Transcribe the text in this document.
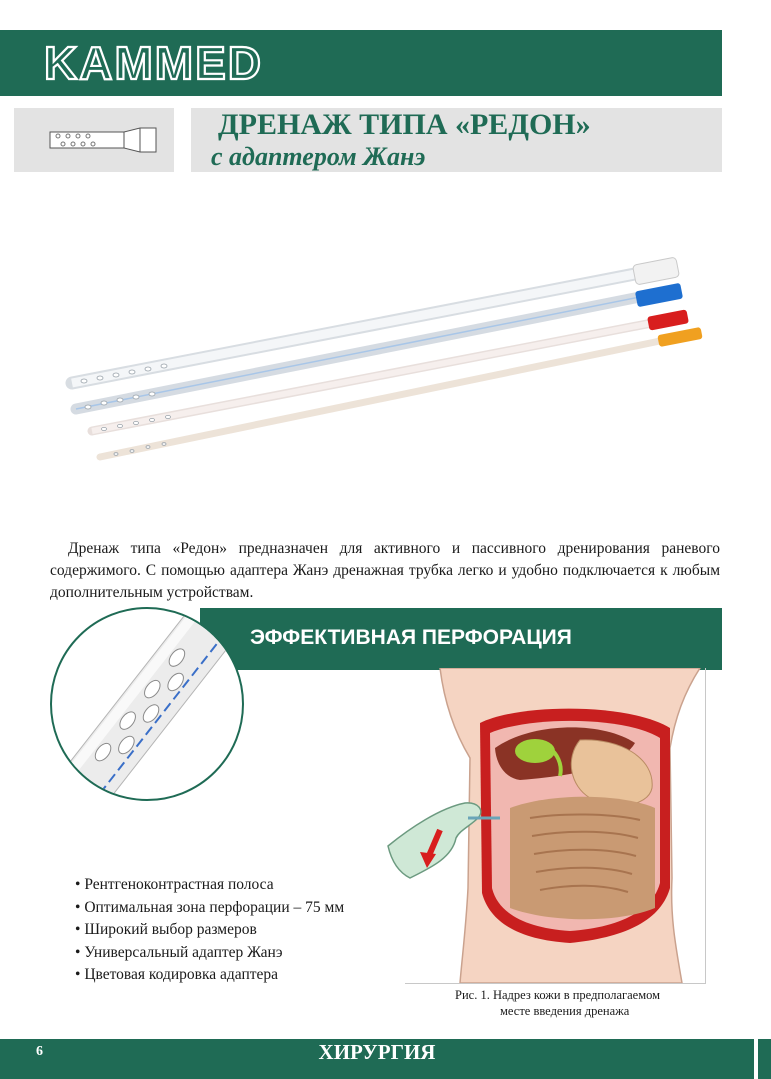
KAMMED
ДРЕНАЖ ТИПА «РЕДОН»
с адаптером Жанэ
Дренаж типа «Редон» предназначен для активного и пассивного дренирования раневого содержимого. С помощью адаптера Жанэ дренажная трубка легко и удобно подключается к любым дополнительным устройствам.
ЭФФЕКТИВНАЯ ПЕРФОРАЦИЯ
Рис. 1. Надрез кожи в предполагаемом
месте введения дренажа
• Рентгеноконтрастная полоса
• Оптимальная зона перфорации – 75 мм
• Широкий выбор размеров
• Универсальный адаптер Жанэ
• Цветовая кодировка адаптера
6	ХИРУРГИЯ
